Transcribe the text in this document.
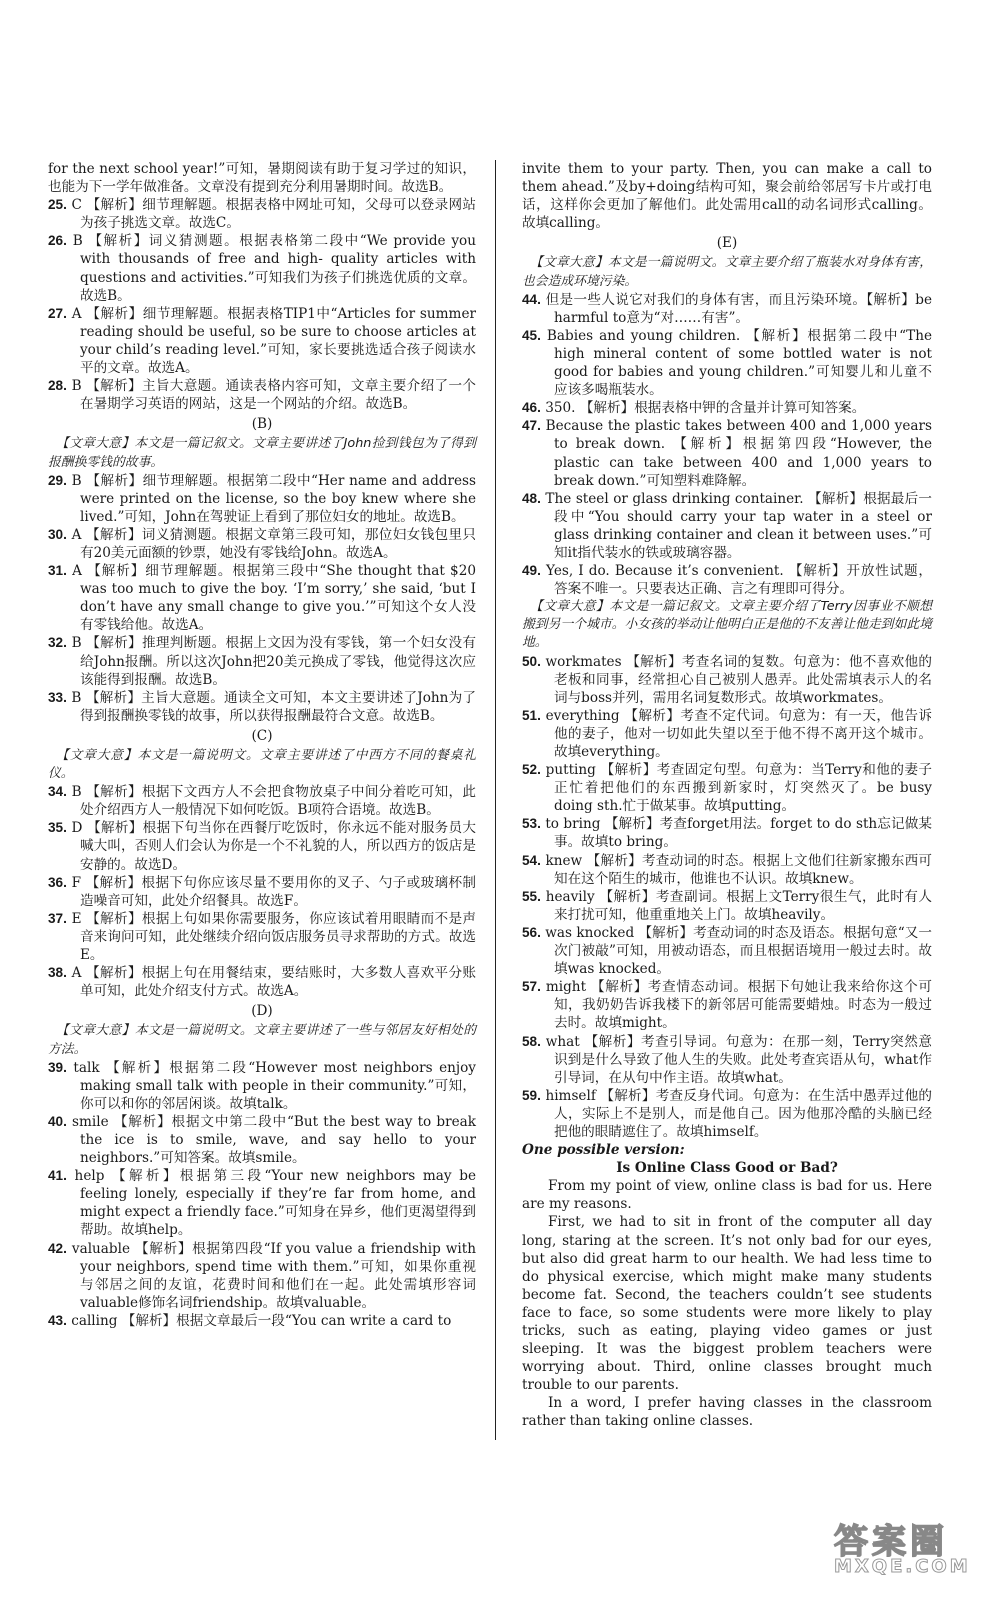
for the next school year!”可知，暑期阅读有助于复习学过的知识，也能为下一学年做准备。文章没有提到充分利用暑期时间。故选B。

25. C 【解析】细节理解题。根据表格中网址可知，父母可以登录网站为孩子挑选文章。故选C。

26. B 【解析】词义猜测题。根据表格第二段中“We provide you with thousands of free and high- quality articles with questions and activities.”可知我们为孩子们挑选优质的文章。故选B。

27. A 【解析】细节理解题。根据表格TIP1中“Articles for summer reading should be useful, so be sure to choose articles at your child’s reading level.”可知，家长要挑选适合孩子阅读水平的文章。故选A。

28. B 【解析】主旨大意题。通读表格内容可知，文章主要介绍了一个在暑期学习英语的网站，这是一个网站的介绍。故选B。

(B)

【文章大意】本文是一篇记叙文。文章主要讲述了John捡到钱包为了得到报酬换零钱的故事。

29. B 【解析】细节理解题。根据第二段中“Her name and address were printed on the license, so the boy knew where she lived.”可知，John在驾驶证上看到了那位妇女的地址。故选B。

30. A 【解析】词义猜测题。根据文章第三段可知，那位妇女钱包里只有20美元面额的钞票，她没有零钱给John。故选A。

31. A 【解析】细节理解题。根据第三段中“She thought that $20 was too much to give the boy. ‘I’m sorry,’ she said, ‘but I don’t have any small change to give you.’”可知这个女人没有零钱给他。故选A。

32. B 【解析】推理判断题。根据上文因为没有零钱，第一个妇女没有给John报酬。所以这次John把20美元换成了零钱，他觉得这次应该能得到报酬。故选B。

33. B 【解析】主旨大意题。通读全文可知，本文主要讲述了John为了得到报酬换零钱的故事，所以获得报酬最符合文意。故选B。

(C)

【文章大意】本文是一篇说明文。文章主要讲述了中西方不同的餐桌礼仪。

34. B 【解析】根据下文西方人不会把食物放桌子中间分着吃可知，此处介绍西方人一般情况下如何吃饭。B项符合语境。故选B。

35. D 【解析】根据下句当你在西餐厅吃饭时，你永远不能对服务员大喊大叫，否则人们会认为你是一个不礼貌的人，所以西方的饭店是安静的。故选D。

36. F 【解析】根据下句你应该尽量不要用你的叉子、勺子或玻璃杯制造噪音可知，此处介绍餐具。故选F。

37. E 【解析】根据上句如果你需要服务，你应该试着用眼睛而不是声音来询问可知，此处继续介绍向饭店服务员寻求帮助的方式。故选E。

38. A 【解析】根据上句在用餐结束，要结账时，大多数人喜欢平分账单可知，此处介绍支付方式。故选A。

(D)

【文章大意】本文是一篇说明文。文章主要讲述了一些与邻居友好相处的方法。

39. talk 【解析】根据第二段“However most neighbors enjoy making small talk with people in their community.”可知，你可以和你的邻居闲谈。故填talk。

40. smile 【解析】根据文中第二段中“But the best way to break the ice is to smile, wave, and say hello to your neighbors.”可知答案。故填smile。

41. help 【解析】根据第三段“Your new neighbors may be feeling lonely, especially if they’re far from home, and might expect a friendly face.”可知身在异乡，他们更渴望得到帮助。故填help。

42. valuable 【解析】根据第四段“If you value a friendship with your neighbors, spend time with them.”可知，如果你重视与邻居之间的友谊，花费时间和他们在一起。此处需填形容词valuable修饰名词friendship。故填valuable。

43. calling 【解析】根据文章最后一段“You can write a card to

invite them to your party. Then, you can make a call to them ahead.”及by+doing结构可知，聚会前给邻居写卡片或打电话，这样你会更加了解他们。此处需用call的动名词形式calling。故填calling。

(E)

【文章大意】本文是一篇说明文。文章主要介绍了瓶装水对身体有害，也会造成环境污染。

44. 但是一些人说它对我们的身体有害，而且污染环境。【解析】be harmful to意为“对……有害”。

45. Babies and young children. 【解析】根据第二段中“The high mineral content of some bottled water is not good for babies and young children.”可知婴儿和儿童不应该多喝瓶装水。

46. 350. 【解析】根据表格中钾的含量并计算可知答案。

47. Because the plastic takes between 400 and 1,000 years to break down. 【解析】根据第四段“However, the plastic can take between 400 and 1,000 years to break down.”可知塑料难降解。

48. The steel or glass drinking container. 【解析】根据最后一段中“You should carry your tap water in a steel or glass drinking container and clean it between uses.”可知it指代装水的铁或玻璃容器。

49. Yes, I do. Because it’s convenient. 【解析】开放性试题，答案不唯一。只要表达正确、言之有理即可得分。

【文章大意】本文是一篇记叙文。文章主要介绍了Terry因事业不顺想搬到另一个城市。小女孩的举动让他明白正是他的不友善让他走到如此境地。

50. workmates 【解析】考查名词的复数。句意为：他不喜欢他的老板和同事，经常担心自己被别人愚弄。此处需填表示人的名词与boss并列，需用名词复数形式。故填workmates。

51. everything 【解析】考查不定代词。句意为：有一天，他告诉他的妻子，他对一切如此失望以至于他不得不离开这个城市。故填everything。

52. putting 【解析】考查固定句型。句意为：当Terry和他的妻子正忙着把他们的东西搬到新家时，灯突然灭了。be busy doing sth.忙于做某事。故填putting。

53. to bring 【解析】考查forget用法。forget to do sth忘记做某事。故填to bring。

54. knew 【解析】考查动词的时态。根据上文他们往新家搬东西可知在这个陌生的城市，他谁也不认识。故填knew。

55. heavily 【解析】考查副词。根据上文Terry很生气，此时有人来打扰可知，他重重地关上门。故填heavily。

56. was knocked 【解析】考查动词的时态及语态。根据句意“又一次门被敲”可知，用被动语态，而且根据语境用一般过去时。故填was knocked。

57. might 【解析】考查情态动词。根据下句她让我来给你这个可知，我奶奶告诉我楼下的新邻居可能需要蜡烛。时态为一般过去时。故填might。

58. what 【解析】考查引导词。句意为：在那一刻，Terry突然意识到是什么导致了他人生的失败。此处考查宾语从句，what作引导词，在从句中作主语。故填what。

59. himself 【解析】考查反身代词。句意为：在生活中愚弄过他的人，实际上不是别人，而是他自己。因为他那冷酷的头脑已经把他的眼睛遮住了。故填himself。

One possible version:

Is Online Class Good or Bad?

From my point of view, online class is bad for us. Here are my reasons.

First, we had to sit in front of the computer all day long, staring at the screen. It’s not only bad for our eyes, but also did great harm to our health. We had less time to do physical exercise, which might make many students become fat. Second, the teachers couldn’t see students face to face, so some students were more likely to play tricks, such as eating, playing video games or just sleeping. It was the biggest problem teachers were worrying about. Third, online classes brought much trouble to our parents.

In a word, I prefer having classes in the classroom rather than taking online classes.

答案圈
MXQE.COM
